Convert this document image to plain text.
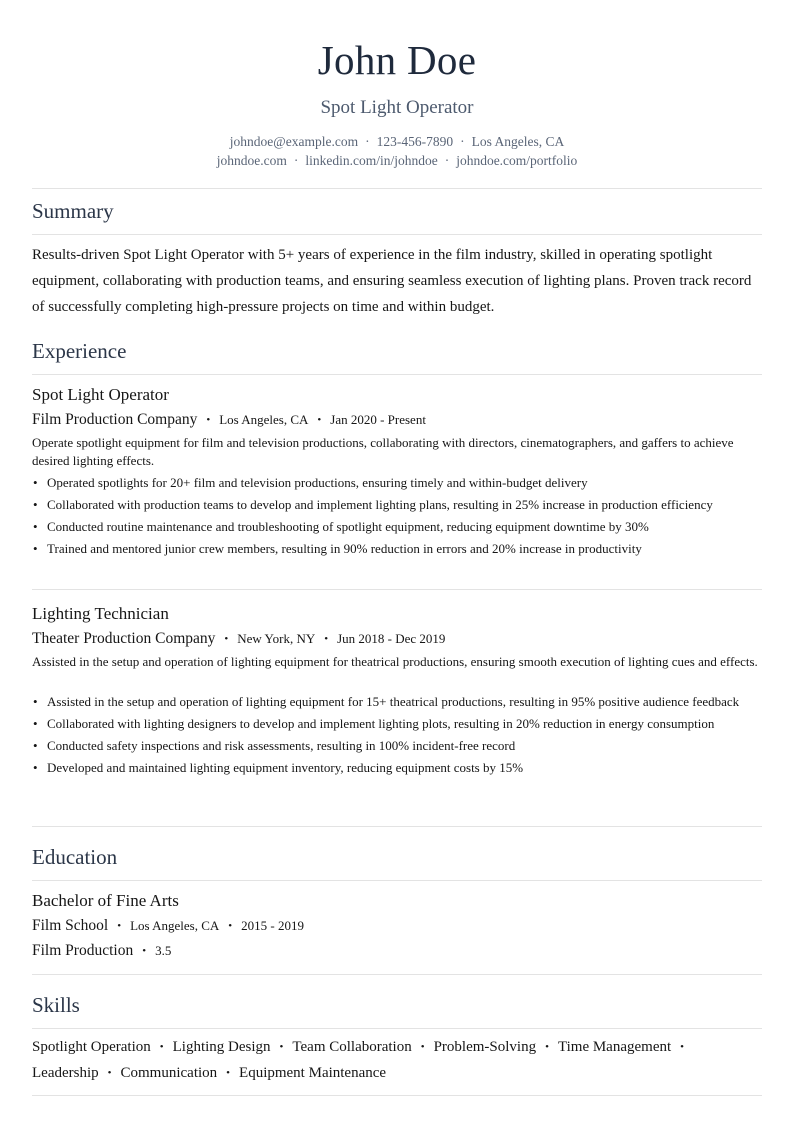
John Doe
Spot Light Operator
johndoe@example.com · 123-456-7890 · Los Angeles, CA
johndoe.com · linkedin.com/in/johndoe · johndoe.com/portfolio
Summary
Results-driven Spot Light Operator with 5+ years of experience in the film industry, skilled in operating spotlight equipment, collaborating with production teams, and ensuring seamless execution of lighting plans. Proven track record of successfully completing high-pressure projects on time and within budget.
Experience
Spot Light Operator
Film Production Company • Los Angeles, CA • Jan 2020 - Present
Operate spotlight equipment for film and television productions, collaborating with directors, cinematographers, and gaffers to achieve desired lighting effects.
• Operated spotlights for 20+ film and television productions, ensuring timely and within-budget delivery
• Collaborated with production teams to develop and implement lighting plans, resulting in 25% increase in production efficiency
• Conducted routine maintenance and troubleshooting of spotlight equipment, reducing equipment downtime by 30%
• Trained and mentored junior crew members, resulting in 90% reduction in errors and 20% increase in productivity
Lighting Technician
Theater Production Company • New York, NY • Jun 2018 - Dec 2019
Assisted in the setup and operation of lighting equipment for theatrical productions, ensuring smooth execution of lighting cues and effects.
• Assisted in the setup and operation of lighting equipment for 15+ theatrical productions, resulting in 95% positive audience feedback
• Collaborated with lighting designers to develop and implement lighting plots, resulting in 20% reduction in energy consumption
• Conducted safety inspections and risk assessments, resulting in 100% incident-free record
• Developed and maintained lighting equipment inventory, reducing equipment costs by 15%
Education
Bachelor of Fine Arts
Film School • Los Angeles, CA • 2015 - 2019
Film Production • 3.5
Skills
Spotlight Operation • Lighting Design • Team Collaboration • Problem-Solving • Time Management •
Leadership • Communication • Equipment Maintenance
